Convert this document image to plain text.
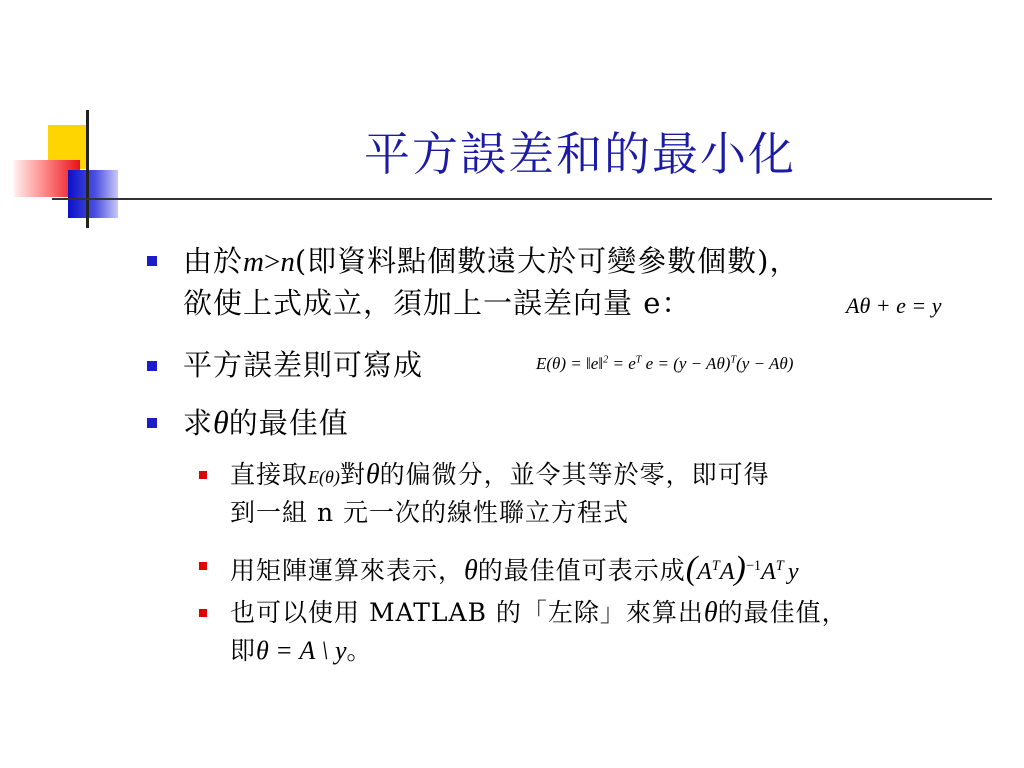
平方誤差和的最小化
由於m>n(即資料點個數遠大於可變參數個數)，
欲使上式成立，須加上一誤差向量 e：	Aθ + e = y
平方誤差則可寫成	E(θ) = ‖e‖$^2$ = $e^T$ $e = (y - A\theta)^T(y - A\theta)$
求θ的最佳值
直接取E(θ)對θ的偏微分，並令其等於零，即可得
到一組 n 元一次的線性聯立方程式
用矩陣運算來表示，θ的最佳值可表示成$(A^TA)^{-1}A^T$ y
也可以使用 MATLAB 的「左除」來算出θ的最佳值，
即θ = A \ y。
